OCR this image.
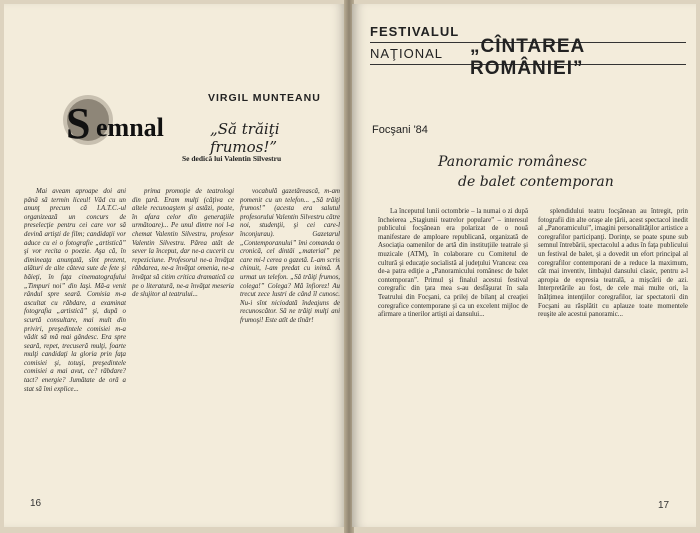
S emnal
VIRGIL MUNTEANU
„Să trăiţi frumos!”
Se dedică lui Valentin Silvestru

Mai aveam aproape doi ani până să termin liceul! Văd cu un anunţ precum că I.A.T.C.-ul organizează un concurs de preselecţie pentru cei care vor să devină artişti de film; candidaţii vor aduce cu ei o fotografie „artistică” şi vor recita o poezie. Aşa că, în dimineaţa anunţată, sînt prezent, alături de alte câteva sute de fete şi băieţi, în faţa cinematografului „Timpuri noi” din Iaşi. Mă-a venit rândul spre seară. Comisia m-a ascultat cu răbdare, a examinat fotografia „artistică” şi, după o scurtă consultare, mai mult din priviri, preşedintele comisiei m-a vădit să mă mai gândesc. Era spre seară, repet, trecuseră mulţi, foarte mulţi candidaţi la gloria prin faţa comisiei şi, totuşi, preşedintele comisiei a mai avut, ce? răbdare? tact? energie? Jumătate de oră a stat să îmi explice...

prima promoţie de teatrologi din ţară. Eram mulţi (câţiva ce altele recunoaştem şi astăzi, poate, în afara celor din generaţiile următoare)... Pe unul dintre noi l-a chemat Valentin Silvestru, profesor Valentin Silvestru. Părea atât de sever la început, dar ne-a cucerit cu repeziciune. Profesorul ne-a învăţat răbdarea, ne-a învăţat omenia, ne-a învăţat să citim critica dramatică ca pe o literatură, ne-a învăţat meseria de slujitor al teatrului...

vocabulă gazetărească, m-am pomenit cu un telefon... „Să trăiţi frumos!” (acesta era salutul profesorului Valentin Silvestru către noi, studenţii, şi cei care-l înconjurau). Gazetarul „Contemporanului” îmi comanda o cronică, cel dintâi „material” pe care mi-l cerea o gazetă. L-am scris chinuit, l-am predat cu inimă. A urmat un telefon. „Să trăiţi frumos, colega!” Colega? Mă înfiorez! Au trecut zece lustri de când îl cunosc. Nu-i sînt niciodată îndeajuns de recunoscător. Să ne trăiţi mulţi ani frumoşi! Este atît de tînăr!

16
FESTIVALUL
NAŢIONAL „CÎNTAREA ROMÂNIEI”
Focşani '84
Panoramic românesc
de balet contemporan

La începutul lunii octombrie – la numai o zi după încheierea „Stagiunii teatrelor populare” – interesul publicului focşănean era polarizat de o nouă manifestare de amploare republicană, organizată de Asociaţia oamenilor de artă din instituţiile teatrale şi muzicale (ATM), în colaborare cu Comitetul de cultură şi educaţie socialistă al judeţului Vrancea: cea de-a patra ediţie a „Panoramicului românesc de balet contemporan”. Primul şi finalul acestui festival coregrafic din ţara mea s-au desfăşurat în sala Teatrului din Focşani, ca prilej de bilanţ al creaţiei coregrafice contemporane şi ca un excelent mijloc de afirmare a tinerilor artişti ai dansului...

splendidului teatru focşănean au întregit, prin fotografii din alte oraşe ale ţării, acest spectacol inedit al „Panoramicului”, imagini personalităţilor artistice a coregrafilor participanţi. Dorinţe, se poate spune sub semnul întrebării, spectacolul a adus în faţa publicului un festival de balet, şi a dovedit un efort principal al coregrafilor contemporani de a reduce la maximum, cât mai inventiv, limbajul dansului clasic, pentru a-l apropia de expresia teatrală, a mişcării de azi. Interpretările au fost, de cele mai multe ori, la înălţimea intenţiilor coregrafilor, iar spectatorii din Focşani au răsplătit cu aplauze toate momentele reuşite ale acestui panoramic...

17
